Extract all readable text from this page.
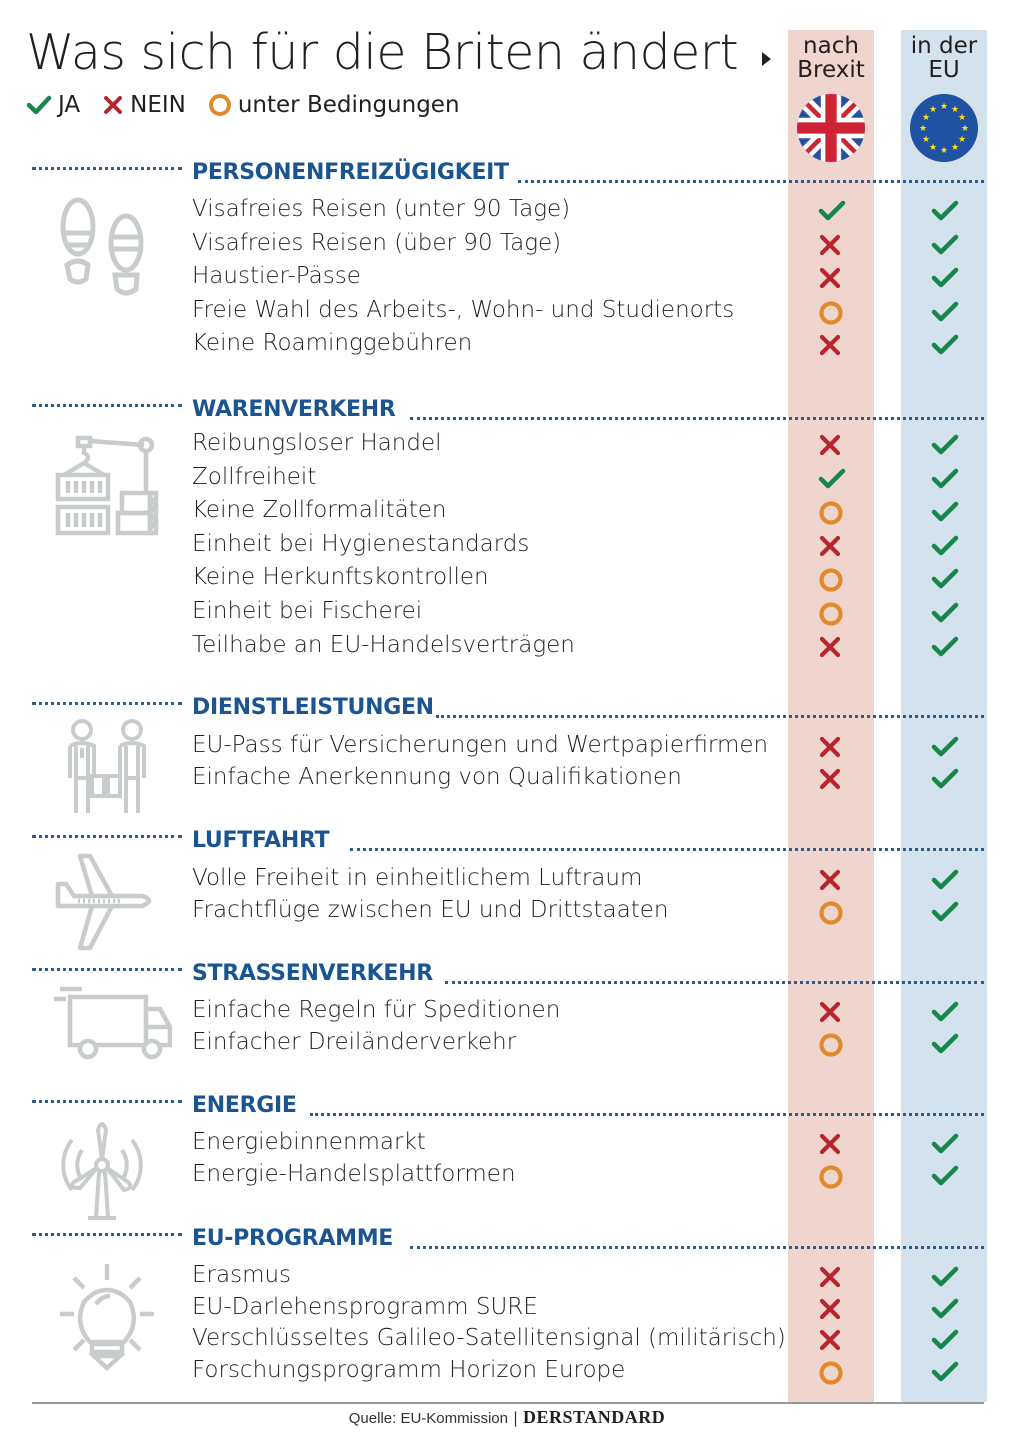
Was sich für die Briten ändert
JA NEIN unter Bedingungen
nach
Brexit
in der
EU
★ ★
★
★
★
★
★
★
★
★
★
★
PERSONENFREIZÜGIGKEIT
Visafreies Reisen (unter 90 Tage)
Visafreies Reisen (über 90 Tage)
Haustier-Pässe
Freie Wahl des Arbeits-, Wohn- und Studienorts
Keine Roaminggebühren
WARENVERKEHR
Reibungsloser Handel
Zollfreiheit
Keine Zollformalitäten
Einheit bei Hygienestandards
Keine Herkunftskontrollen
Einheit bei Fischerei
Teilhabe an EU-Handelsverträgen
DIENSTLEISTUNGEN
EU-Pass für Versicherungen und Wertpapierfirmen
Einfache Anerkennung von Qualifikationen
LUFTFAHRT
Volle Freiheit in einheitlichem Luftraum
Frachtflüge zwischen EU und Drittstaaten
STRASSENVERKEHR
Einfache Regeln für Speditionen
Einfacher Dreiländerverkehr
ENERGIE
Energiebinnenmarkt
Energie-Handelsplattformen
EU-PROGRAMME
Erasmus
EU-Darlehensprogramm SURE
Verschlüsseltes Galileo-Satellitensignal (militärisch)
Forschungsprogramm Horizon Europe
Quelle: EU-Kommission | DERSTANDARD
